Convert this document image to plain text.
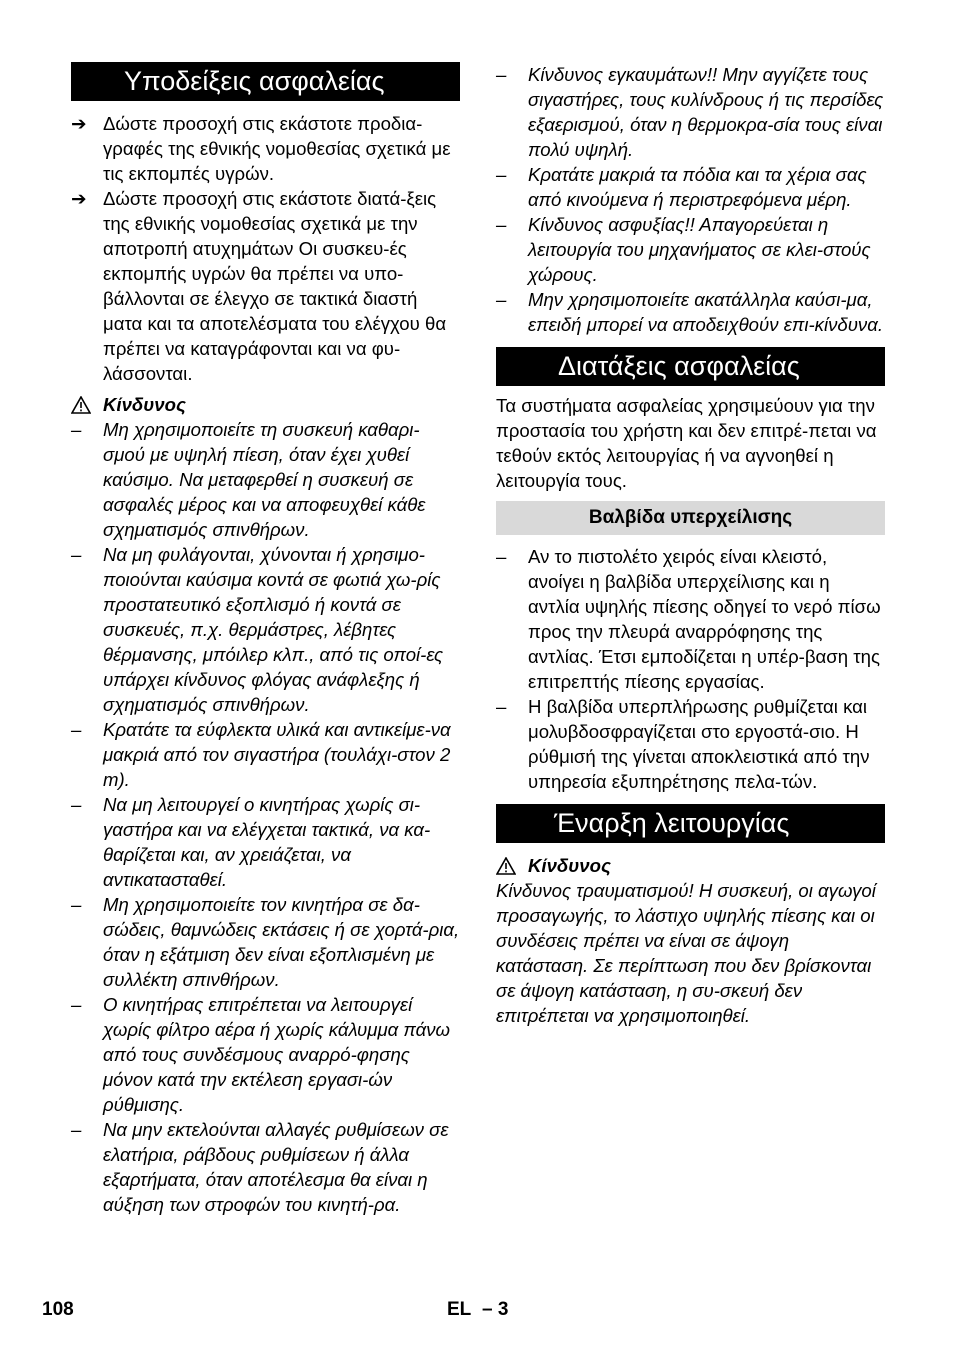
Υποδείξεις ασφαλείας
➔ Δώστε προσοχή στις εκάστοτε προδια-γραφές της εθνικής νομοθεσίας σχετικά με τις εκπομπές υγρών.
➔ Δώστε προσοχή στις εκάστοτε διατά-ξεις της εθνικής νομοθεσίας σχετικά με την αποτροπή ατυχημάτων Οι συσκευ-ές εκπομπής υγρών θα πρέπει να υπο-βάλλονται σε έλεγχο σε τακτικά διαστή ματα και τα αποτελέσματα του ελέγχου θα πρέπει να καταγράφονται και να φυ-λάσσονται.
Κίνδυνος
–	Μη χρησιμοποιείτε τη συσκευή καθαρι-σμού με υψηλή πίεση, όταν έχει χυθεί καύσιμο. Να μεταφερθεί η συσκευή σε ασφαλές μέρος και να αποφευχθεί κάθε σχηματισμός σπινθήρων.
–	Να μη φυλάγονται, χύνονται ή χρησιμο-ποιούνται καύσιμα κοντά σε φωτιά χω-ρίς προστατευτικό εξοπλισμό ή κοντά σε συσκευές, π.χ. θερμάστρες, λέβητες θέρμανσης, μπόιλερ κλπ., από τις οποί-ες υπάρχει κίνδυνος φλόγας ανάφλεξης ή σχηματισμός σπινθήρων.
–	Κρατάτε τα εύφλεκτα υλικά και αντικείμε-να μακριά από τον σιγαστήρα (τουλάχι-στον 2 m).
–	Να μη λειτουργεί ο κινητήρας χωρίς σι-γαστήρα και να ελέγχεται τακτικά, να κα-θαρίζεται και, αν χρειάζεται, να αντικατασταθεί.
–	Μη χρησιμοποιείτε τον κινητήρα σε δα-σώδεις, θαμνώδεις εκτάσεις ή σε χορτά-ρια, όταν η εξάτμιση δεν είναι εξοπλισμένη με συλλέκτη σπινθήρων.
–	Ο κινητήρας επιτρέπεται να λειτουργεί χωρίς φίλτρο αέρα ή χωρίς κάλυμμα πάνω από τους συνδέσμους αναρρό-φησης μόνον κατά την εκτέλεση εργασι-ών ρύθμισης.
–	Να μην εκτελούνται αλλαγές ρυθμίσεων σε ελατήρια, ράβδους ρυθμίσεων ή άλλα εξαρτήματα, όταν αποτέλεσμα θα είναι η αύξηση των στροφών του κινητή-ρα.
–	Κίνδυνος εγκαυμάτων!! Μην αγγίζετε τους σιγαστήρες, τους κυλίνδρους ή τις περσίδες εξαερισμού, όταν η θερμοκρα-σία τους είναι πολύ υψηλή.
–	Κρατάτε μακριά τα πόδια και τα χέρια σας από κινούμενα ή περιστρεφόμενα μέρη.
–	Κίνδυνος ασφυξίας!! Απαγορεύεται η λειτουργία του μηχανήματος σε κλει-στούς χώρους.
–	Μην χρησιμοποιείτε ακατάλληλα καύσι-μα, επειδή μπορεί να αποδειχθούν επι-κίνδυνα.
Διατάξεις ασφαλείας

Τα συστήματα ασφαλείας χρησιμεύουν για την προστασία του χρήστη και δεν επιτρέ-πεται να τεθούν εκτός λειτουργίας ή να αγνοηθεί η λειτουργία τους.

Βαλβίδα υπερχείλισης
–	Αν το πιστολέτο χειρός είναι κλειστό, ανοίγει η βαλβίδα υπερχείλισης και η αντλία υψηλής πίεσης οδηγεί το νερό πίσω προς την πλευρά αναρρόφησης της αντλίας. Έτσι εμποδίζεται η υπέρ-βαση της επιτρεπτής πίεσης εργασίας.
–	Η βαλβίδα υπερπλήρωσης ρυθμίζεται και μολυβδοσφραγίζεται στο εργοστά-σιο. Η ρύθμισή της γίνεται αποκλειστικά από την υπηρεσία εξυπηρέτησης πελα-τών.
Έναρξη λειτουργίας
Κίνδυνος

Κίνδυνος τραυματισμού! Η συσκευή, οι αγωγοί προσαγωγής, το λάστιχο υψηλής πίεσης και οι συνδέσεις πρέπει να είναι σε άψογη κατάσταση. Σε περίπτωση που δεν βρίσκονται σε άψογη κατάσταση, η συ-σκευή δεν επιτρέπεται να χρησιμοποιηθεί.

108	EL – 3
